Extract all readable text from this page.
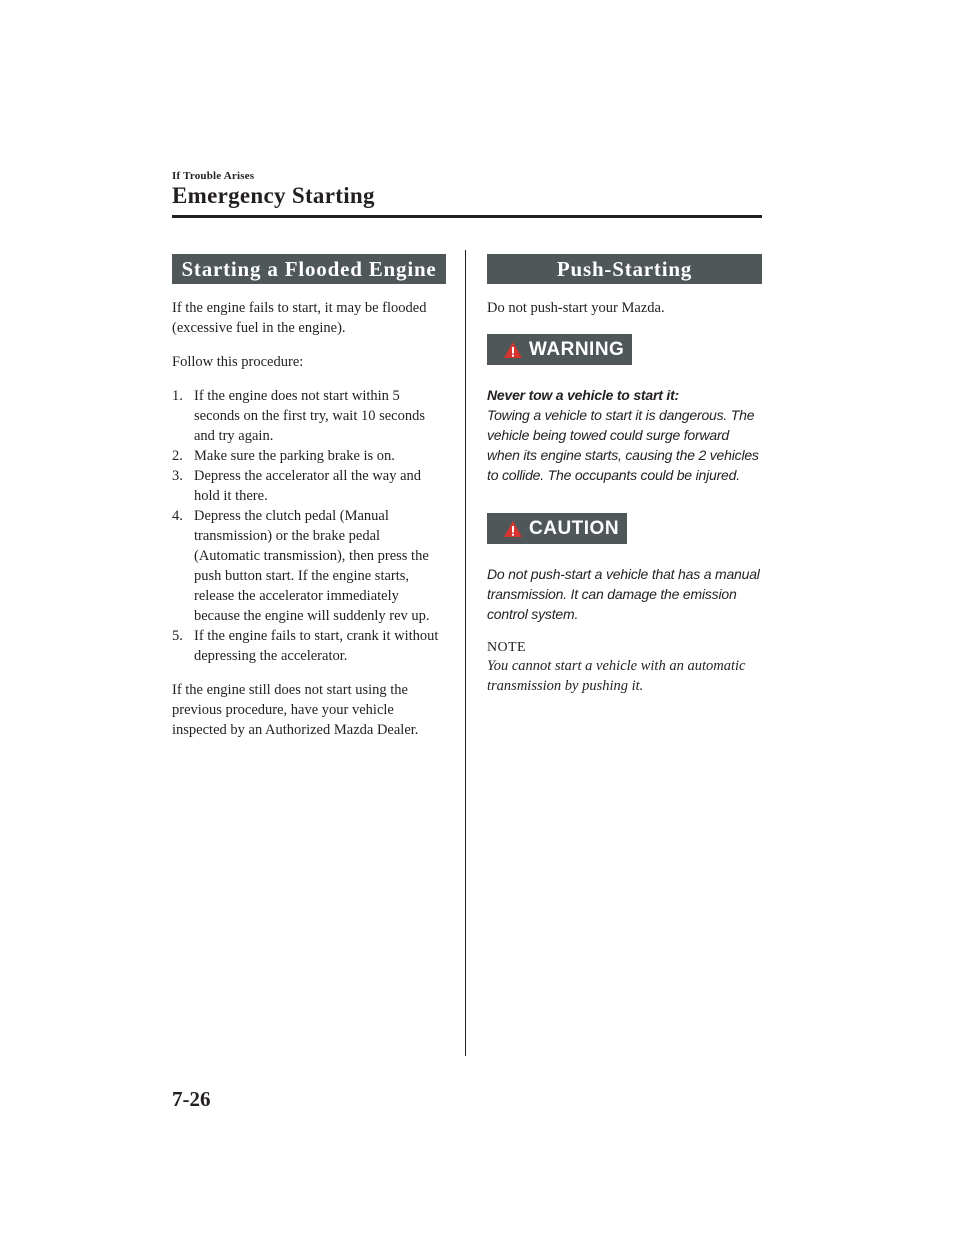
If Trouble Arises
Emergency Starting
Starting a Flooded Engine

If the engine fails to start, it may be flooded (excessive fuel in the engine).

Follow this procedure:

1. If the engine does not start within 5 seconds on the first try, wait 10 seconds and try again.
2. Make sure the parking brake is on.
3. Depress the accelerator all the way and hold it there.
4. Depress the clutch pedal (Manual transmission) or the brake pedal (Automatic transmission), then press the push button start. If the engine starts, release the accelerator immediately because the engine will suddenly rev up.
5. If the engine fails to start, crank it without depressing the accelerator.

If the engine still does not start using the previous procedure, have your vehicle inspected by an Authorized Mazda Dealer.

Push-Starting

Do not push-start your Mazda.

WARNING
Never tow a vehicle to start it:
Towing a vehicle to start it is dangerous. The vehicle being towed could surge forward when its engine starts, causing the 2 vehicles to collide. The occupants could be injured.
CAUTION
Do not push-start a vehicle that has a manual transmission. It can damage the emission control system.
NOTE
You cannot start a vehicle with an automatic transmission by pushing it.
7-26
